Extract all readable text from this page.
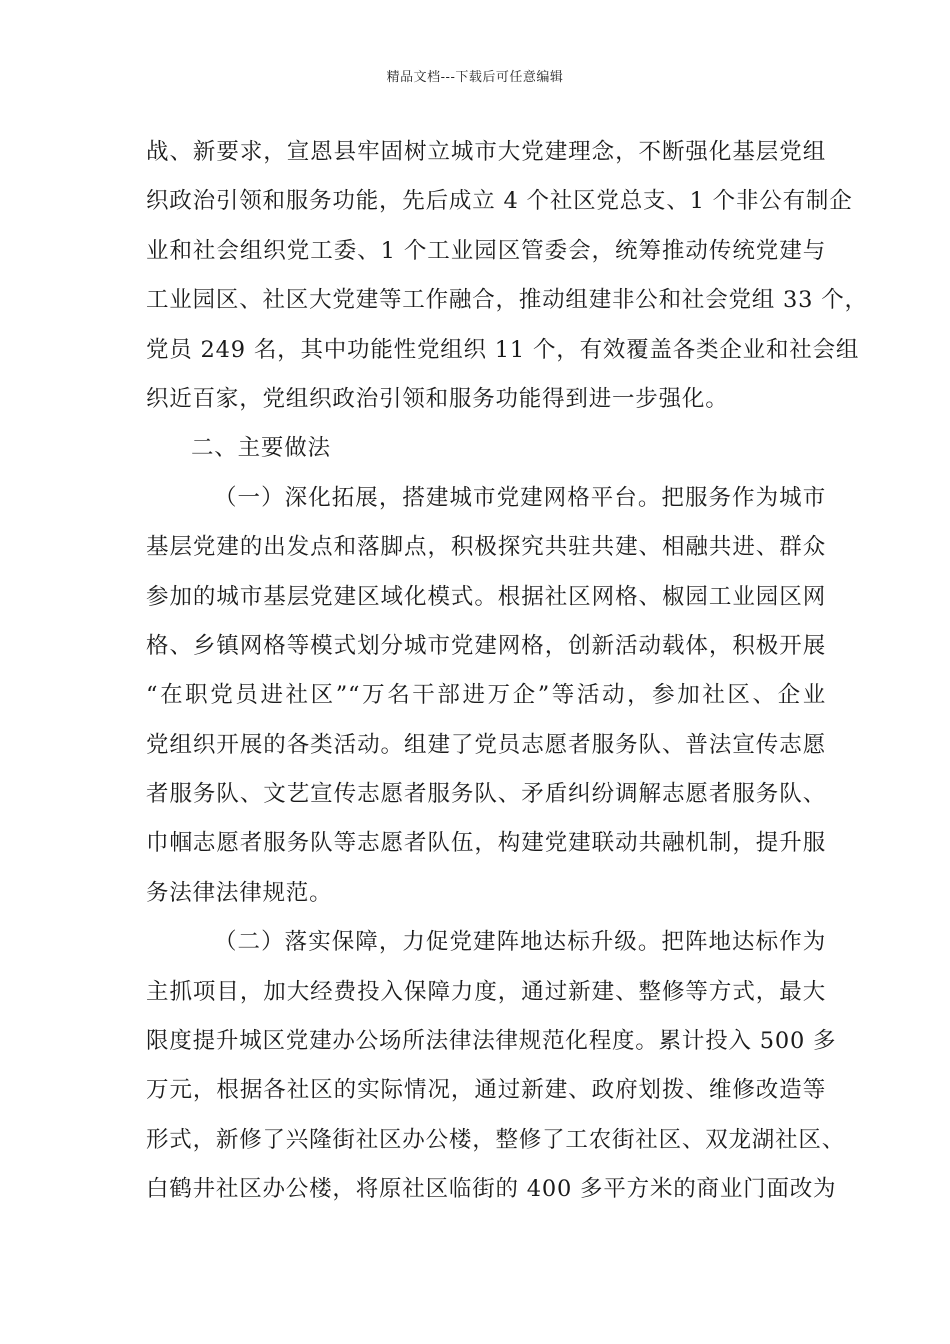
精品文档---下载后可任意编辑
战、新要求，宣恩县牢固树立城市大党建理念，不断强化基层党组
织政治引领和服务功能，先后成立 4 个社区党总支、1 个非公有制企
业和社会组织党工委、1 个工业园区管委会，统筹推动传统党建与
工业园区、社区大党建等工作融合，推动组建非公和社会党组 33 个，
党员 249 名，其中功能性党组织 11 个，有效覆盖各类企业和社会组
织近百家，党组织政治引领和服务功能得到进一步强化。
二、主要做法
（一）深化拓展，搭建城市党建网格平台。把服务作为城市
基层党建的出发点和落脚点，积极探究共驻共建、相融共进、群众
参加的城市基层党建区域化模式。根据社区网格、椒园工业园区网
格、乡镇网格等模式划分城市党建网格，创新活动载体，积极开展
“在职党员进社区”“万名干部进万企”等活动，参加社区、企业
党组织开展的各类活动。组建了党员志愿者服务队、普法宣传志愿
者服务队、文艺宣传志愿者服务队、矛盾纠纷调解志愿者服务队、
巾帼志愿者服务队等志愿者队伍，构建党建联动共融机制，提升服
务法律法律规范。
（二）落实保障，力促党建阵地达标升级。把阵地达标作为
主抓项目，加大经费投入保障力度，通过新建、整修等方式，最大
限度提升城区党建办公场所法律法律规范化程度。累计投入 500 多
万元，根据各社区的实际情况，通过新建、政府划拨、维修改造等
形式，新修了兴隆街社区办公楼，整修了工农街社区、双龙湖社区、
白鹤井社区办公楼，将原社区临街的 400 多平方米的商业门面改为
